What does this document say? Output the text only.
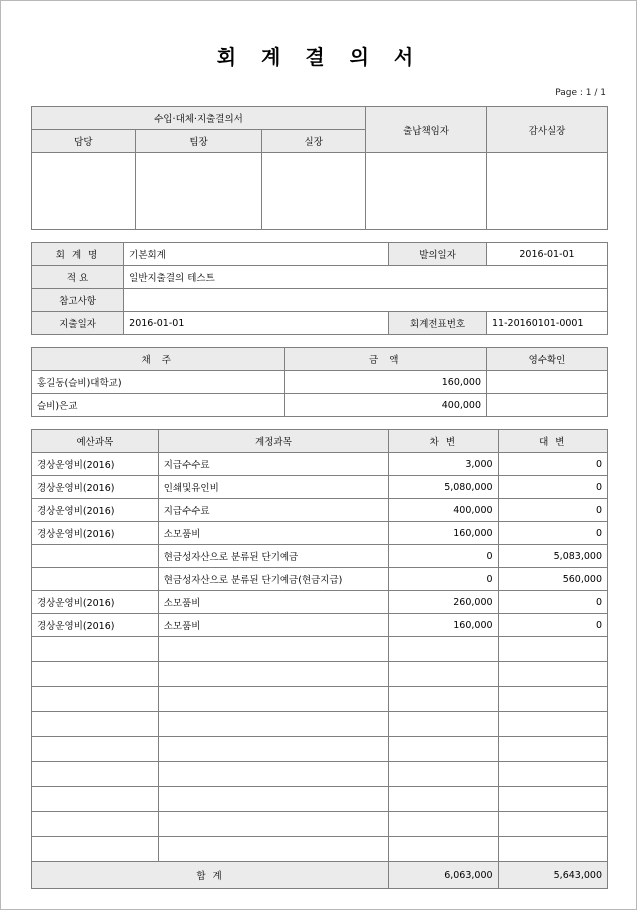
회 계 결 의 서
Page : 1 / 1
수입·대체·지출결의서			출납책임자	감사실장
담당	팀장	실장		

회 계 명	기본회계	발의일자	2016-01-01
적 요	일반지출결의 테스트		
참고사항			
지출일자	2016-01-01	회계전표번호	11-20160101-0001
채 주	금 액	영수확인
홍길동(슬비)대학교)	160,000	
슬비)은교	400,000	
예산과목	계정과목	차 변	대 변
경상운영비(2016)	지급수수료	3,000	0
경상운영비(2016)	인쇄및유인비	5,080,000	0
경상운영비(2016)	지급수수료	400,000	0
경상운영비(2016)	소모품비	160,000	0
	현금성자산으로 분류된 단기예금	0	5,083,000
	현금성자산으로 분류된 단기예금(현금지급)	0	560,000
경상운영비(2016)	소모품비	260,000	0
경상운영비(2016)	소모품비	160,000	0

합 계		6,063,000	5,643,000
